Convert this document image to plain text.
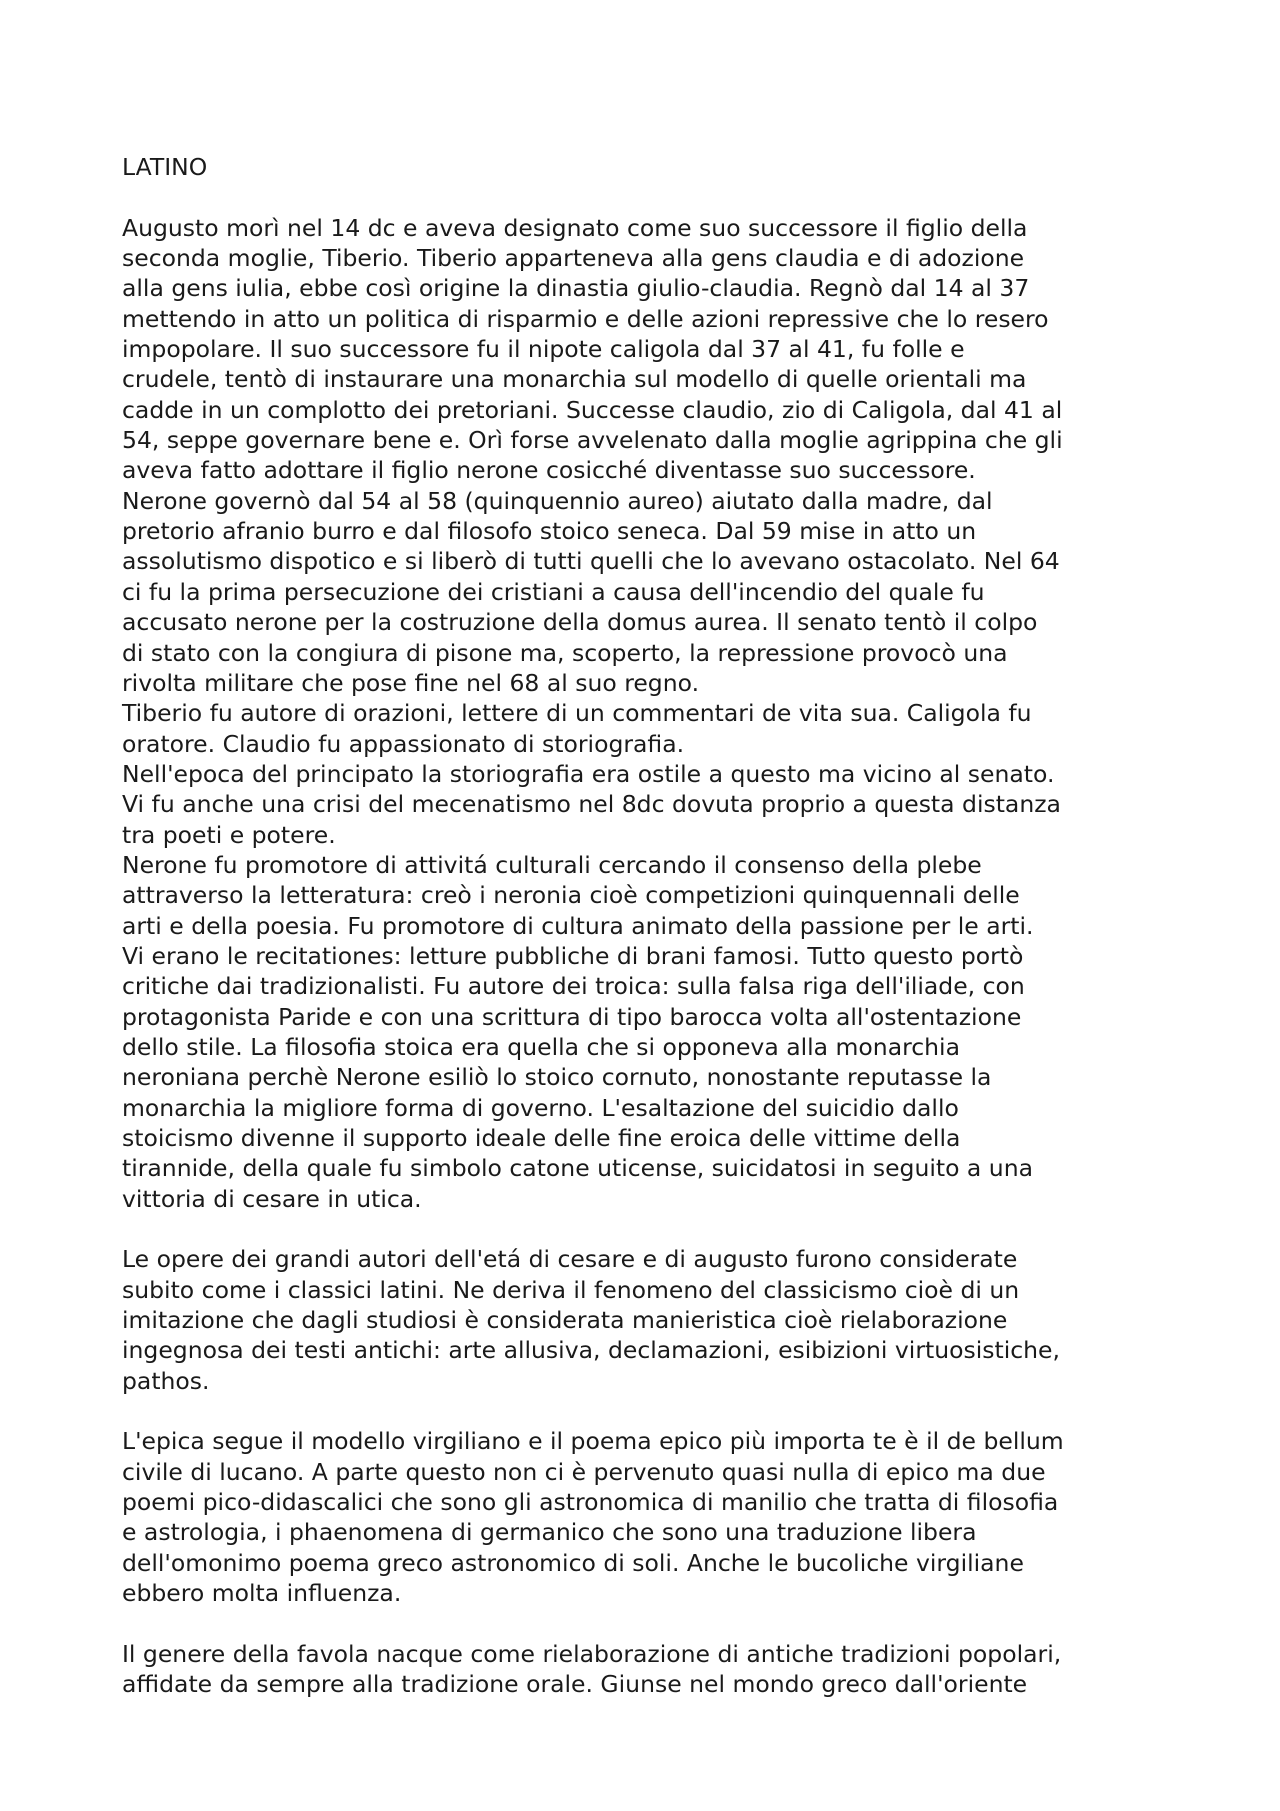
LATINO
Augusto morì nel 14 dc e aveva designato come suo successore il figlio della
seconda moglie, Tiberio. Tiberio apparteneva alla gens claudia e di adozione
alla gens iulia, ebbe così origine la dinastia giulio-claudia. Regnò dal 14 al 37
mettendo in atto un politica di risparmio e delle azioni repressive che lo resero
impopolare. Il suo successore fu il nipote caligola dal 37 al 41, fu folle e
crudele, tentò di instaurare una monarchia sul modello di quelle orientali ma
cadde in un complotto dei pretoriani. Successe claudio, zio di Caligola, dal 41 al
54, seppe governare bene e. Orì forse avvelenato dalla moglie agrippina che gli
aveva fatto adottare il figlio nerone cosicché diventasse suo successore.
Nerone governò dal 54 al 58 (quinquennio aureo) aiutato dalla madre, dal
pretorio afranio burro e dal filosofo stoico seneca. Dal 59 mise in atto un
assolutismo dispotico e si liberò di tutti quelli che lo avevano ostacolato. Nel 64
ci fu la prima persecuzione dei cristiani a causa dell'incendio del quale fu
accusato nerone per la costruzione della domus aurea. Il senato tentò il colpo
di stato con la congiura di pisone ma, scoperto, la repressione provocò una
rivolta militare che pose fine nel 68 al suo regno.
Tiberio fu autore di orazioni, lettere di un commentari de vita sua. Caligola fu
oratore. Claudio fu appassionato di storiografia.
Nell'epoca del principato la storiografia era ostile a questo ma vicino al senato.
Vi fu anche una crisi del mecenatismo nel 8dc dovuta proprio a questa distanza
tra poeti e potere.
Nerone fu promotore di attivitá culturali cercando il consenso della plebe
attraverso la letteratura: creò i neronia cioè competizioni quinquennali delle
arti e della poesia. Fu promotore di cultura animato della passione per le arti.
Vi erano le recitationes: letture pubbliche di brani famosi. Tutto questo portò
critiche dai tradizionalisti. Fu autore dei troica: sulla falsa riga dell'iliade, con
protagonista Paride e con una scrittura di tipo barocca volta all'ostentazione
dello stile. La filosofia stoica era quella che si opponeva alla monarchia
neroniana perchè Nerone esiliò lo stoico cornuto, nonostante reputasse la
monarchia la migliore forma di governo. L'esaltazione del suicidio dallo
stoicismo divenne il supporto ideale delle fine eroica delle vittime della
tirannide, della quale fu simbolo catone uticense, suicidatosi in seguito a una
vittoria di cesare in utica.
Le opere dei grandi autori dell'etá di cesare e di augusto furono considerate
subito come i classici latini. Ne deriva il fenomeno del classicismo cioè di un
imitazione che dagli studiosi è considerata manieristica cioè rielaborazione
ingegnosa dei testi antichi: arte allusiva, declamazioni, esibizioni virtuosistiche,
pathos.
L'epica segue il modello virgiliano e il poema epico più importa te è il de bellum
civile di lucano. A parte questo non ci è pervenuto quasi nulla di epico ma due
poemi pico-didascalici che sono gli astronomica di manilio che tratta di filosofia
e astrologia, i phaenomena di germanico che sono una traduzione libera
dell'omonimo poema greco astronomico di soli. Anche le bucoliche virgiliane
ebbero molta influenza.
Il genere della favola nacque come rielaborazione di antiche tradizioni popolari,
affidate da sempre alla tradizione orale. Giunse nel mondo greco dall'oriente
